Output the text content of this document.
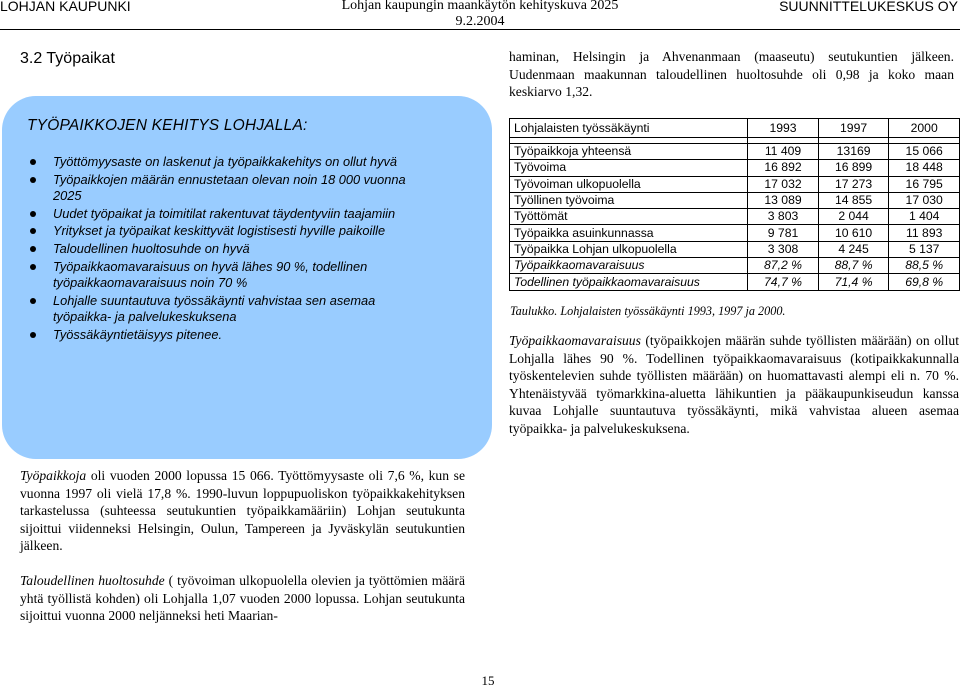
LOHJAN KAUPUNKI	Lohjan kaupungin maankäytön kehityskuva 2025
9.2.2004
SUUNNITTELUKESKUS OY
3.2 Työpaikat
TYÖPAIKKOJEN KEHITYS LOHJALLA:
Työttömyysaste on laskenut ja työpaikkakehitys on ollut hyvä
Työpaikkojen määrän ennustetaan olevan noin 18 000 vuonna 2025
Uudet työpaikat ja toimitilat rakentuvat täydentyviin taajamiin
Yritykset ja työpaikat keskittyvät logistisesti hyville paikoille
Taloudellinen huoltosuhde on hyvä
Työpaikkaomavaraisuus on hyvä lähes 90 %, todellinen työpaikkaomavaraisuus noin 70 %
Lohjalle suuntautuva työssäkäynti vahvistaa sen asemaa työpaikka- ja palvelukeskuksena
Työssäkäyntietäisyys pitenee.
Työpaikkoja oli vuoden 2000 lopussa 15 066. Työttömyysaste oli 7,6 %, kun se vuonna 1997 oli vielä 17,8 %. 1990-luvun loppupuoliskon työpaikkakehityksen tarkastelussa (suhteessa seutukuntien työpaikkamääriin) Lohjan seutukunta sijoittui viidenneksi Helsingin, Oulun, Tampereen ja Jyväskylän seutukuntien jälkeen.
Taloudellinen huoltosuhde ( työvoiman ulkopuolella olevien ja työttömien määrä yhtä työllistä kohden) oli Lohjalla 1,07 vuoden 2000 lopussa. Lohjan seutukunta sijoittui vuonna 2000 neljänneksi heti Maarian-
haminan, Helsingin ja Ahvenanmaan (maaseutu) seutukuntien jälkeen. Uudenmaan maakunnan taloudellinen huoltosuhde oli 0,98 ja koko maan keskiarvo 1,32.
Lohjalaisten työssäkäynti	1993	1997	2000

Työpaikkoja yhteensä	11 409	13169	15 066
Työvoima	16 892	16 899	18 448
Työvoiman ulkopuolella	17 032	17 273	16 795
Työllinen työvoima	13 089	14 855	17 030
Työttömät	3 803	2 044	1 404
Työpaikka asuinkunnassa	9 781	10 610	11 893
Työpaikka Lohjan ulkopuolella	3 308	4 245	5 137
Työpaikkaomavaraisuus	87,2 %	88,7 %	88,5 %
Todellinen työpaikkaomavaraisuus	74,7 %	71,4 %	69,8 %
Taulukko. Lohjalaisten työssäkäynti 1993, 1997 ja 2000.
Työpaikkaomavaraisuus (työpaikkojen määrän suhde työllisten määrään) on ollut Lohjalla lähes 90 %. Todellinen työpaikkaomavaraisuus (kotipaikkakunnalla työskentelevien suhde työllisten määrään) on huomattavasti alempi eli n. 70 %. Yhtenäistyvää työmarkkina-aluetta lähikuntien ja pääkaupunkiseudun kanssa kuvaa Lohjalle suuntautuva työssäkäynti, mikä vahvistaa alueen asemaa työpaikka- ja palvelukeskuksena.
15
